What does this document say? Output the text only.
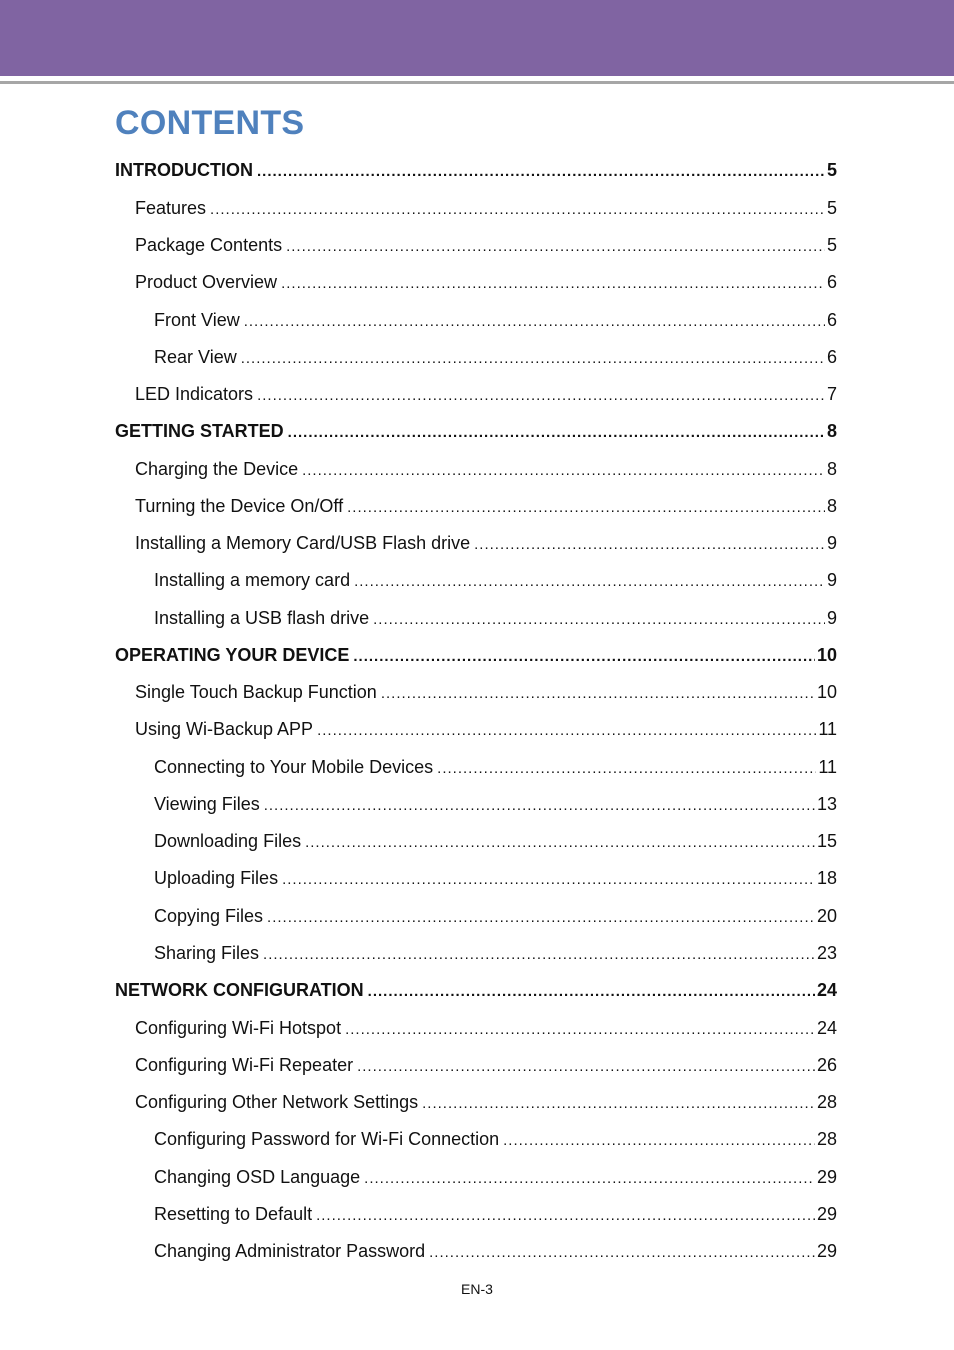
CONTENTS
INTRODUCTION .....	5
Features .....	5
Package Contents .....	5
Product Overview .....	6
Front View .....	6
Rear View .....	6
LED Indicators .....	7
GETTING STARTED .....	8
Charging the Device .....	8
Turning the Device On/Off .....	8
Installing a Memory Card/USB Flash drive .....	9
Installing a memory card .....	9
Installing a USB flash drive .....	9
OPERATING YOUR DEVICE .....	10
Single Touch Backup Function .....	10
Using Wi-Backup APP .....	11
Connecting to Your Mobile Devices .....	11
Viewing Files .....	13
Downloading Files .....	15
Uploading Files .....	18
Copying Files .....	20
Sharing Files .....	23
NETWORK CONFIGURATION .....	24
Configuring Wi-Fi Hotspot .....	24
Configuring Wi-Fi Repeater .....	26
Configuring Other Network Settings .....	28
Configuring Password for Wi-Fi Connection .....	28
Changing OSD Language .....	29
Resetting to Default .....	29
Changing Administrator Password .....	29
EN-3
